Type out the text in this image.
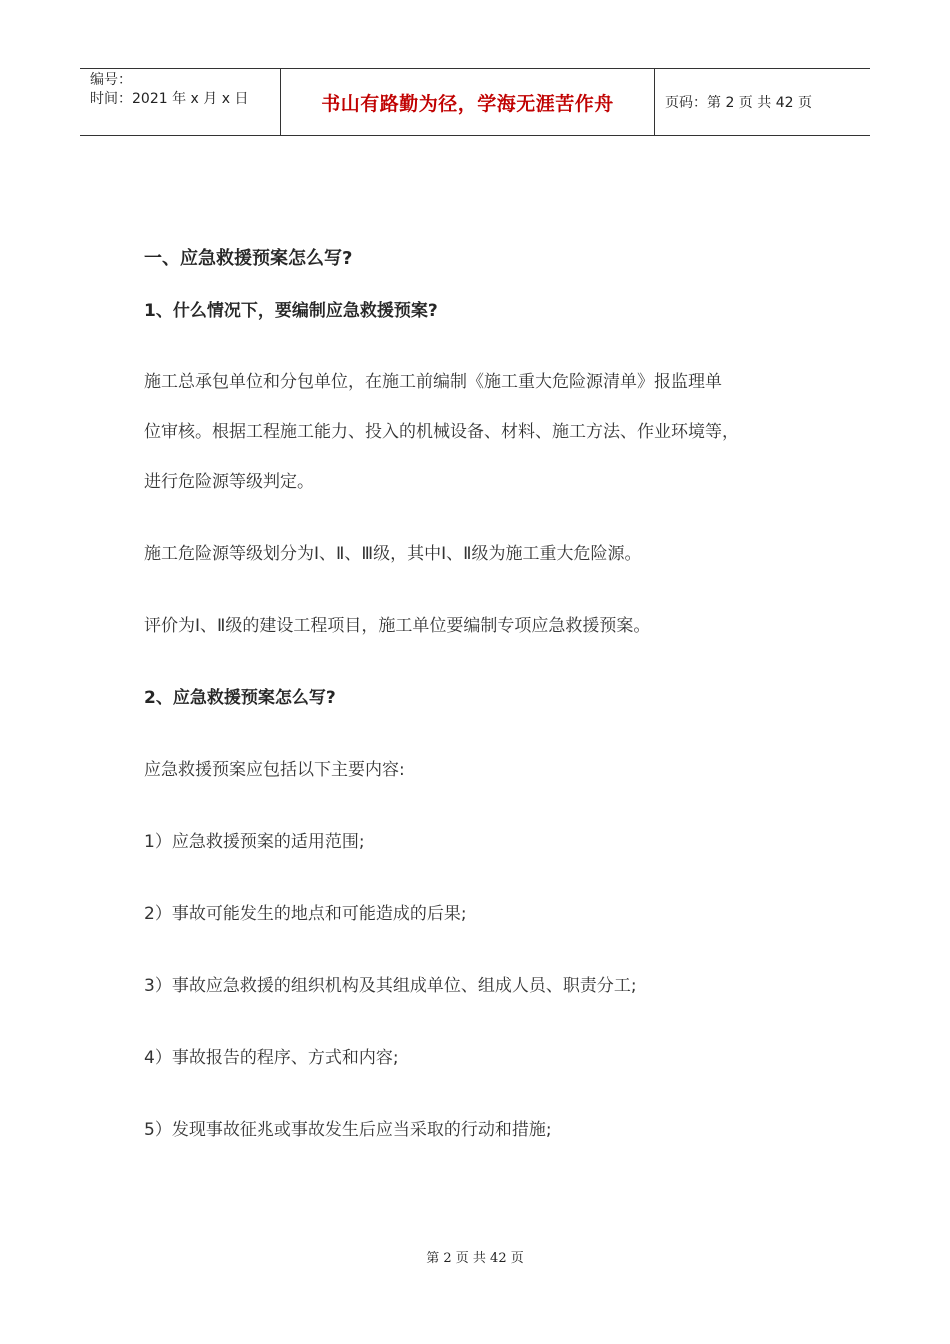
编号：
时间：2021 年 x 月 x 日	书山有路勤为径，学海无涯苦作舟	页码：第 2 页 共 42 页
一、应急救援预案怎么写?
1、什么情况下，要编制应急救援预案?
施工总承包单位和分包单位，在施工前编制《施工重大危险源清单》报监理单
位审核。根据工程施工能力、投入的机械设备、材料、施工方法、作业环境等，
进行危险源等级判定。
施工危险源等级划分为Ⅰ、Ⅱ、Ⅲ级，其中Ⅰ、Ⅱ级为施工重大危险源。
评价为Ⅰ、Ⅱ级的建设工程项目，施工单位要编制专项应急救援预案。
2、应急救援预案怎么写?
应急救援预案应包括以下主要内容:
1）应急救援预案的适用范围;
2）事故可能发生的地点和可能造成的后果;
3）事故应急救援的组织机构及其组成单位、组成人员、职责分工;
4）事故报告的程序、方式和内容;
5）发现事故征兆或事故发生后应当采取的行动和措施;
第 2 页 共 42 页
